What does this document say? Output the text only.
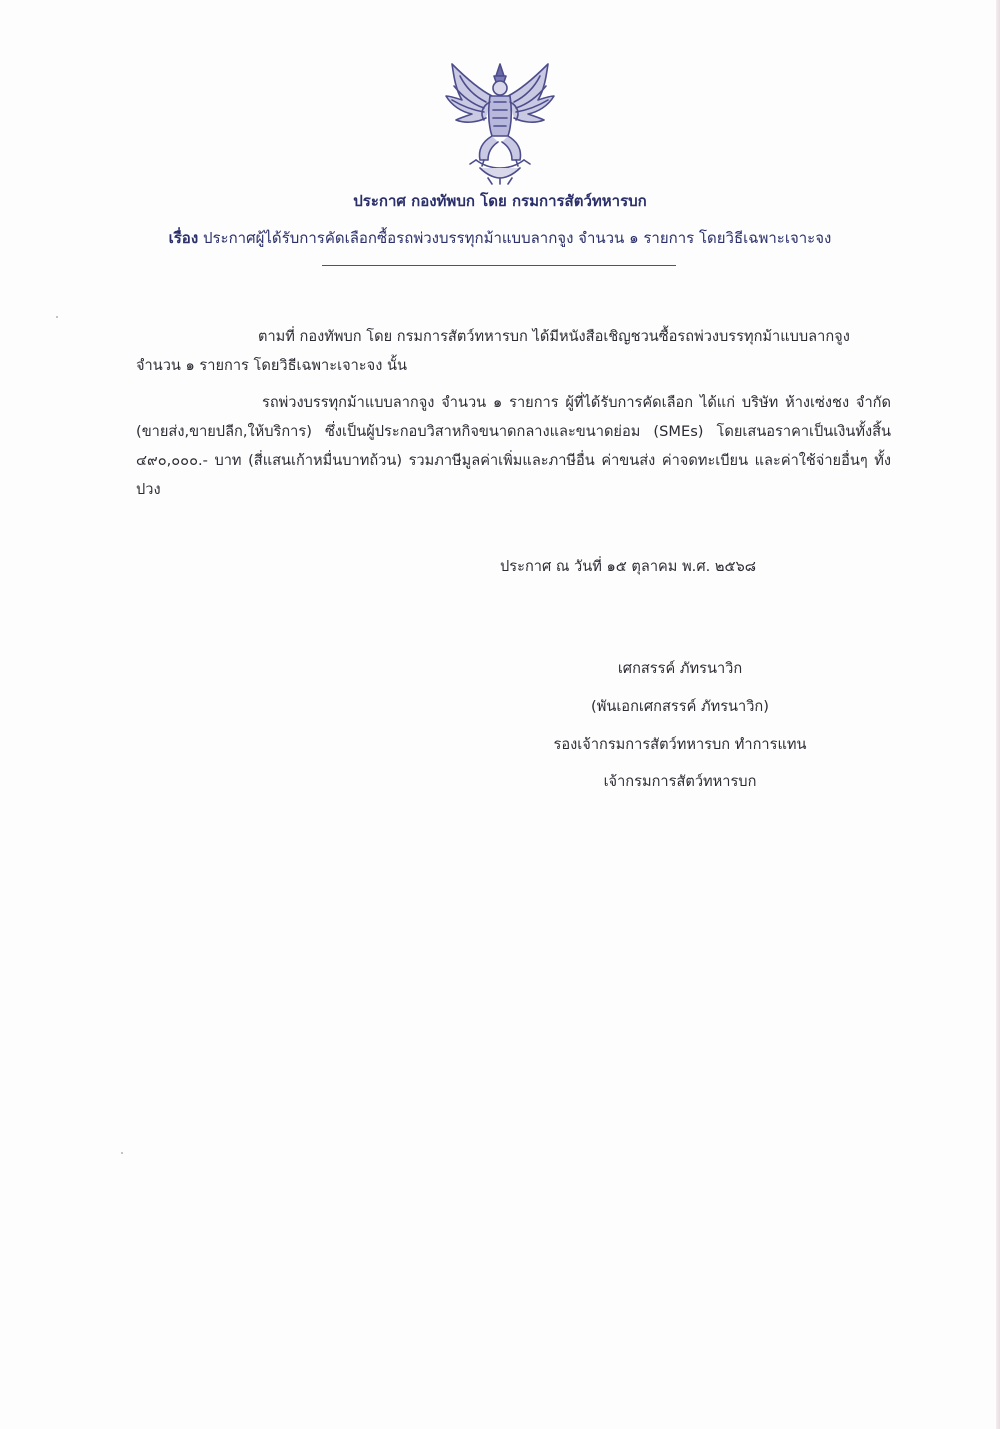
ประกาศ กองทัพบก โดย กรมการสัตว์ทหารบก
เรื่อง ประกาศผู้ได้รับการคัดเลือกซื้อรถพ่วงบรรทุกม้าแบบลากจูง จำนวน ๑ รายการ โดยวิธีเฉพาะเจาะจง
ตามที่ กองทัพบก โดย กรมการสัตว์ทหารบก ได้มีหนังสือเชิญชวนซื้อรถพ่วงบรรทุกม้าแบบลากจูง จำนวน ๑ รายการ โดยวิธีเฉพาะเจาะจง นั้น
รถพ่วงบรรทุกม้าแบบลากจูง จำนวน ๑ รายการ ผู้ที่ได้รับการคัดเลือก ได้แก่ บริษัท ห้างเซ่งชง จำกัด (ขายส่ง,ขายปลีก,ให้บริการ) ซึ่งเป็นผู้ประกอบวิสาหกิจขนาดกลางและขนาดย่อม (SMEs) โดยเสนอราคาเป็นเงินทั้งสิ้น ๔๙๐,๐๐๐.- บาท (สี่แสนเก้าหมื่นบาทถ้วน) รวมภาษีมูลค่าเพิ่มและภาษีอื่น ค่าขนส่ง ค่าจดทะเบียน และค่าใช้จ่ายอื่นๆ ทั้งปวง
ประกาศ ณ วันที่ ๑๕ ตุลาคม พ.ศ. ๒๕๖๘
เศกสรรค์ ภัทรนาวิก
(พันเอกเศกสรรค์ ภัทรนาวิก)
รองเจ้ากรมการสัตว์ทหารบก ทำการแทน
เจ้ากรมการสัตว์ทหารบก
